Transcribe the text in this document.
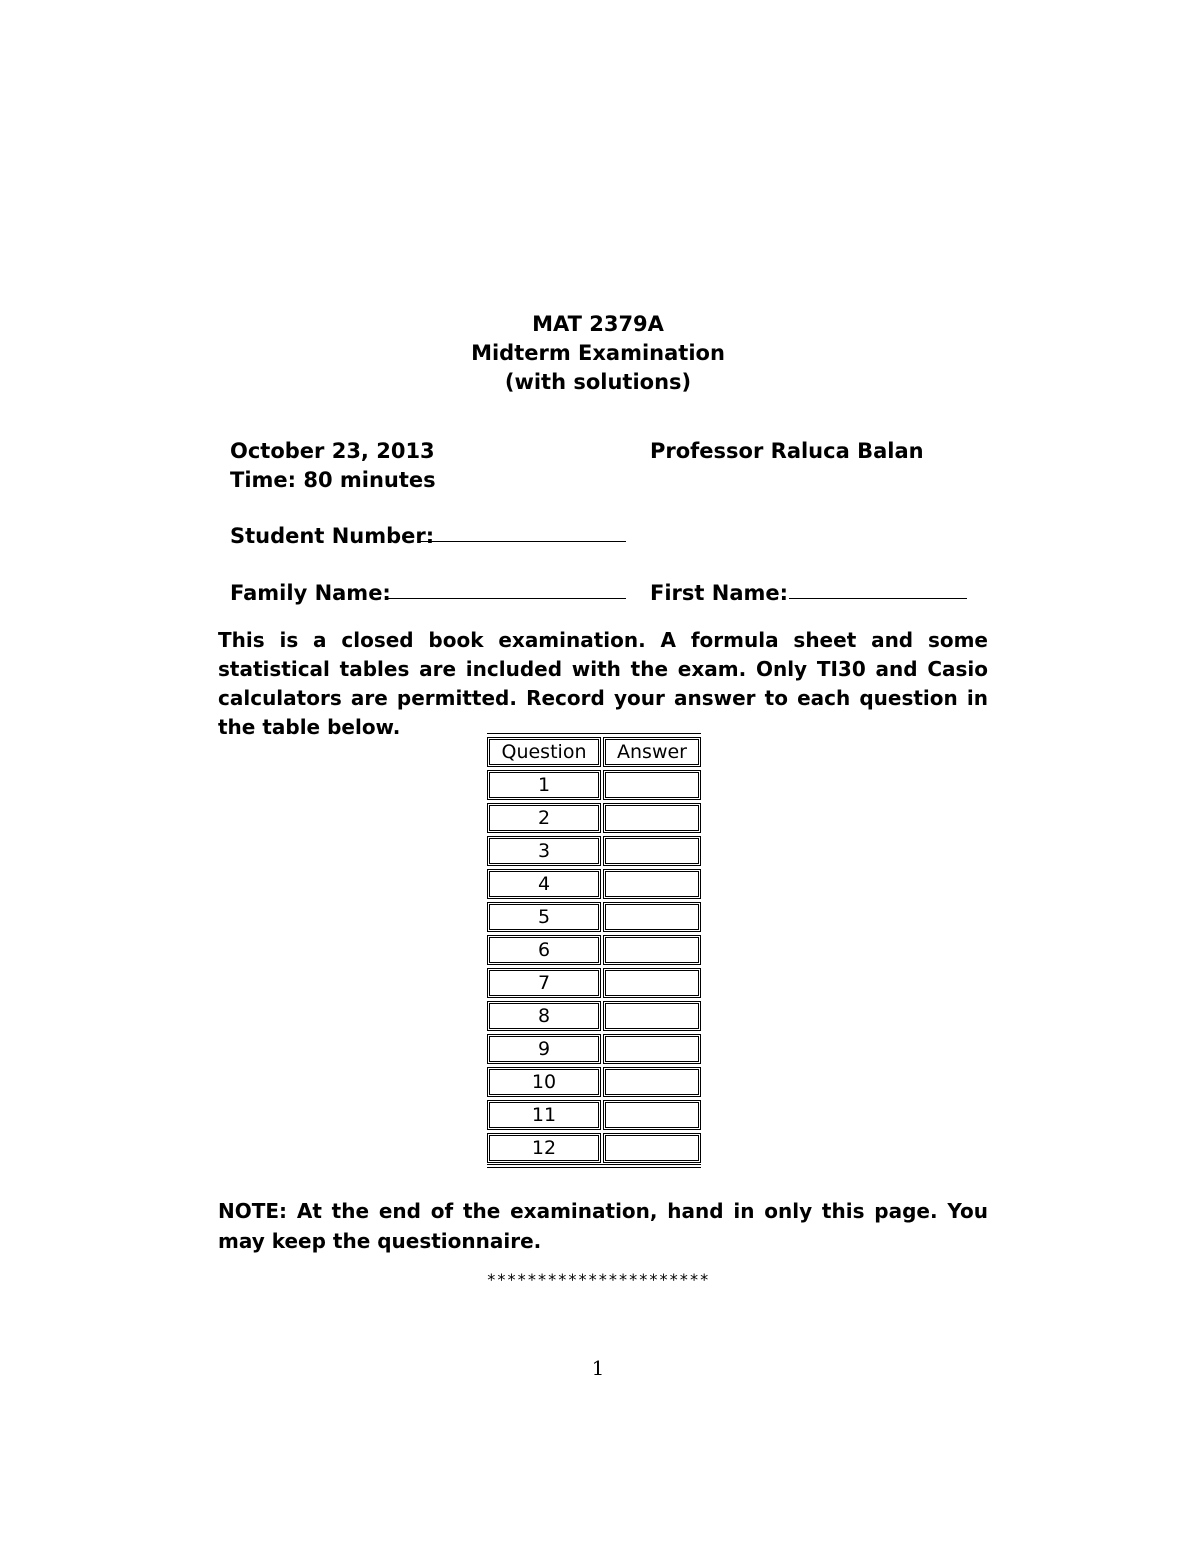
MAT 2379A
Midterm Examination
(with solutions)
October 23, 2013
Time: 80 minutes
Professor Raluca Balan
Student Number:
Family Name:	First Name:
This is a closed book examination. A formula sheet and some statistical tables are included with the exam. Only TI30 and Casio calculators are permitted. Record your answer to each question in the table below.
Question	Answer
1
2
3
4
5
6
7
8
9
10
11
12
NOTE: At the end of the examination, hand in only this page. You may keep the questionnaire.
**********************
1
